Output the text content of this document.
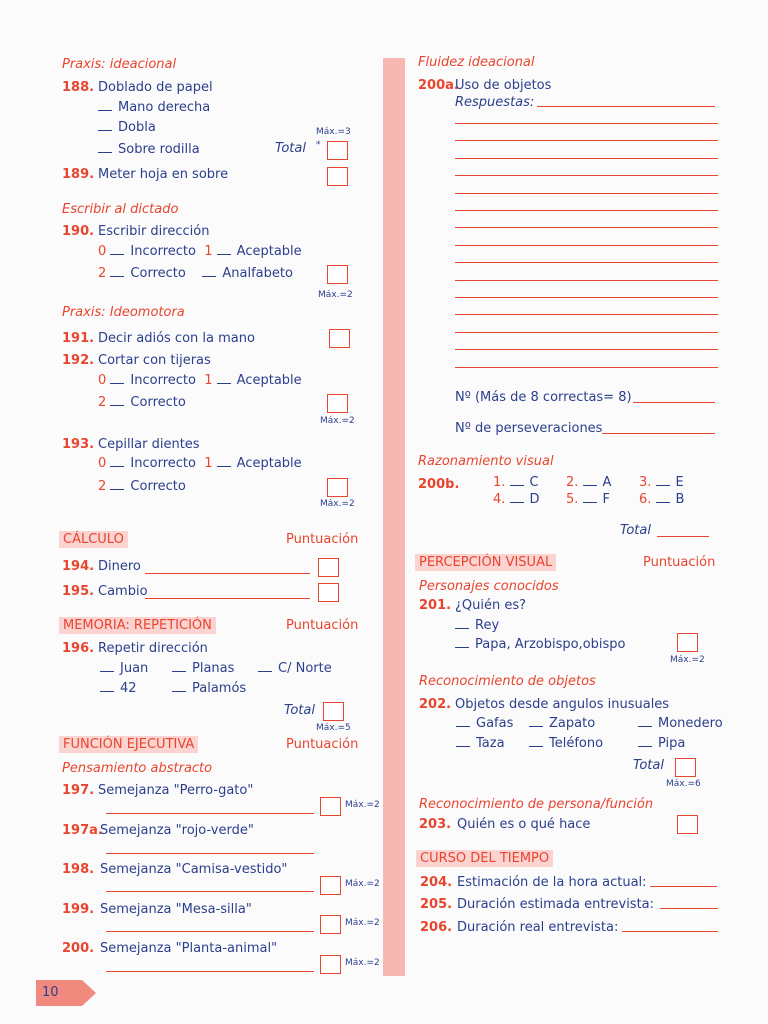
Praxis: ideacional
188. Doblado de papel
Mano derecha
Dobla
Sobre rodilla
Máx.=3
Total *
189. Meter hoja en sobre
Escribir al dictado
190. Escribir dirección
0 Incorrecto 1 Aceptable
2 Correcto	Analfabeto
Máx.=2
Praxis: Ideomotora
191. Decir adiós con la mano
192. Cortar con tijeras
0 Incorrecto 1 Aceptable
2 Correcto
Máx.=2
193. Cepillar dientes
0 Incorrecto 1 Aceptable
2 Correcto
Máx.=2
CÁLCULO	Puntuación
194. Dinero
195. Cambio
MEMORIA: REPETICIÓN	Puntuación
196. Repetir dirección
Juan	Planas	C/ Norte
42	Palamós
Total
Máx.=5
FUNCIÓN EJECUTIVA	Puntuación
Pensamiento abstracto
197. Semejanza "Perro-gato"
Máx.=2
197a.
Semejanza "rojo-verde"
198. Semejanza "Camisa-vestido"
Máx.=2
199. Semejanza "Mesa-silla"
Máx.=2
200. Semejanza "Planta-animal"
Máx.=2
10
Fluidez ideacional
200a.
Uso de objetos
Respuestas:
Nº (Más de 8 correctas= 8)
Nº de perseveraciones
Razonamiento visual
200b.	1. C 2. A 3. E
4. D 5. F 6. B
Total
PERCEPCIÓN VISUAL	Puntuación
Personajes conocidos
201. ¿Quién es?
Rey
Papa, Arzobispo,obispo
Máx.=2
Reconocimiento de objetos
202. Objetos desde angulos inusuales
Gafas	Zapato	Monedero
Taza	Teléfono	Pipa
Total
Máx.=6
Reconocimiento de persona/función
203. Quién es o qué hace
CURSO DEL TIEMPO
204. Estimación de la hora actual:
205. Duración estimada entrevista:
206. Duración real entrevista:
